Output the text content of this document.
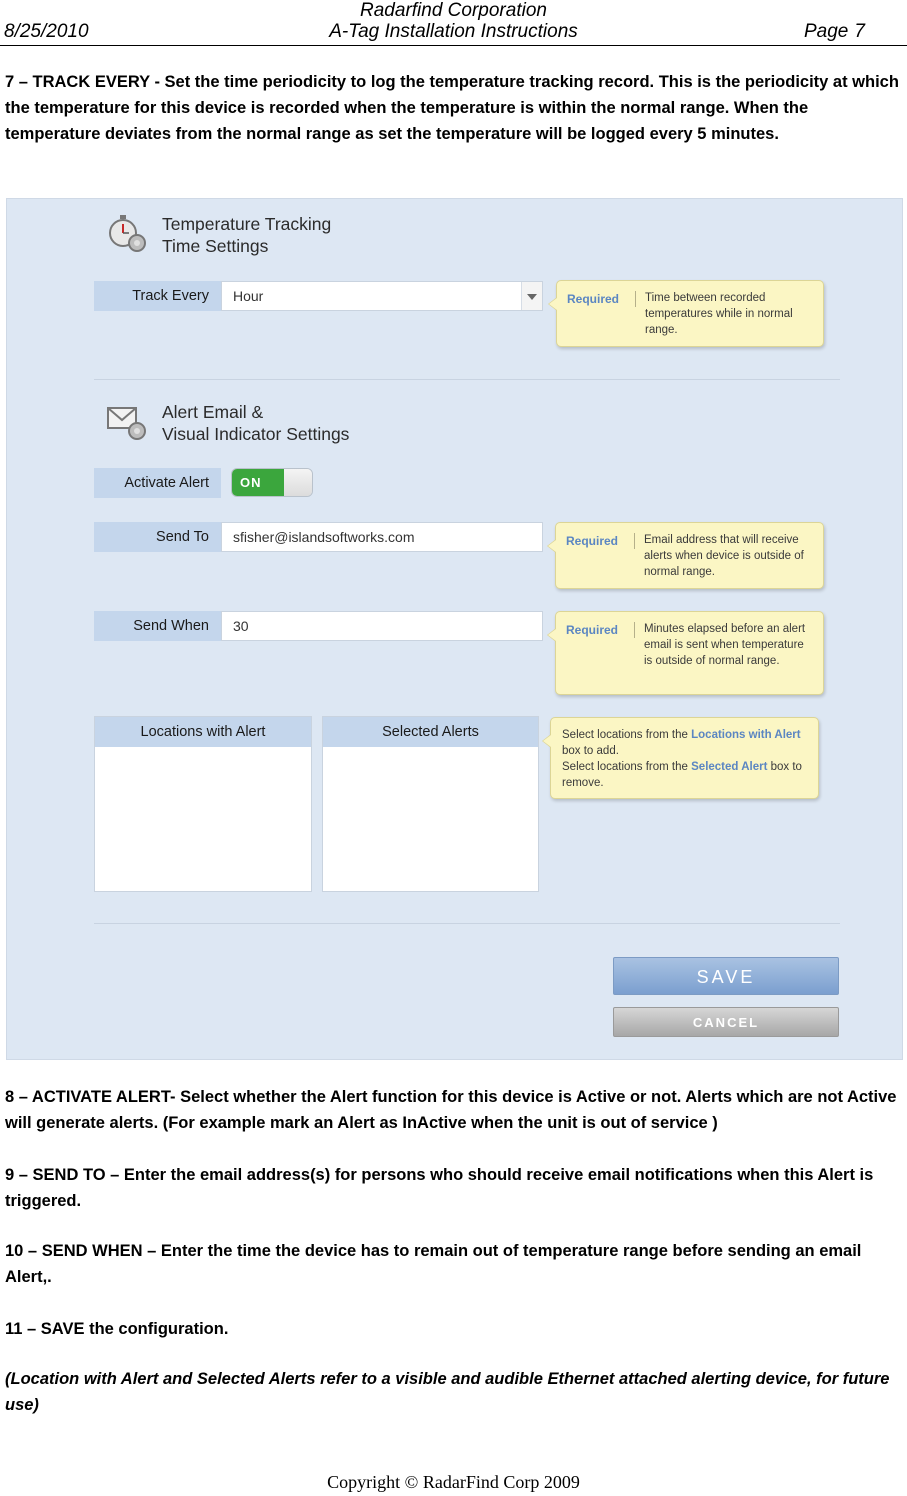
Radarfind Corporation
8/25/2010	A-Tag Installation Instructions	Page 7

7 – TRACK EVERY - Set the time periodicity to log the temperature tracking record. This is the periodicity at which the temperature for this device is recorded when the temperature is within the normal range. When the temperature deviates from the normal range as set the temperature will be logged every 5 minutes.

Temperature Tracking
Time Settings
Track Every	Hour	Required Time between recorded temperatures while in normal range.
Alert Email &
Visual Indicator Settings
Activate Alert	ON
Send To	sfisher@islandsoftworks.com	Required Email address that will receive alerts when device is outside of normal range.
Send When	30	Required Minutes elapsed before an alert email is sent when temperature is outside of normal range.
Locations with Alert	Selected Alerts	Select locations from the Locations with Alert box to add.
Select locations from the Selected Alert box to remove.
SAVE
CANCEL

8 – ACTIVATE ALERT- Select whether the Alert function for this device is Active or not. Alerts which are not Active will generate alerts. (For example mark an Alert as InActive when the unit is out of service )

9 – SEND TO – Enter the email address(s) for persons who should receive email notifications when this Alert is triggered.

10 – SEND WHEN – Enter the time the device has to remain out of temperature range before sending an email Alert,.

11 – SAVE the configuration.

(Location with Alert and Selected Alerts refer to a visible and audible Ethernet attached alerting device, for future use)

Copyright © RadarFind Corp 2009
